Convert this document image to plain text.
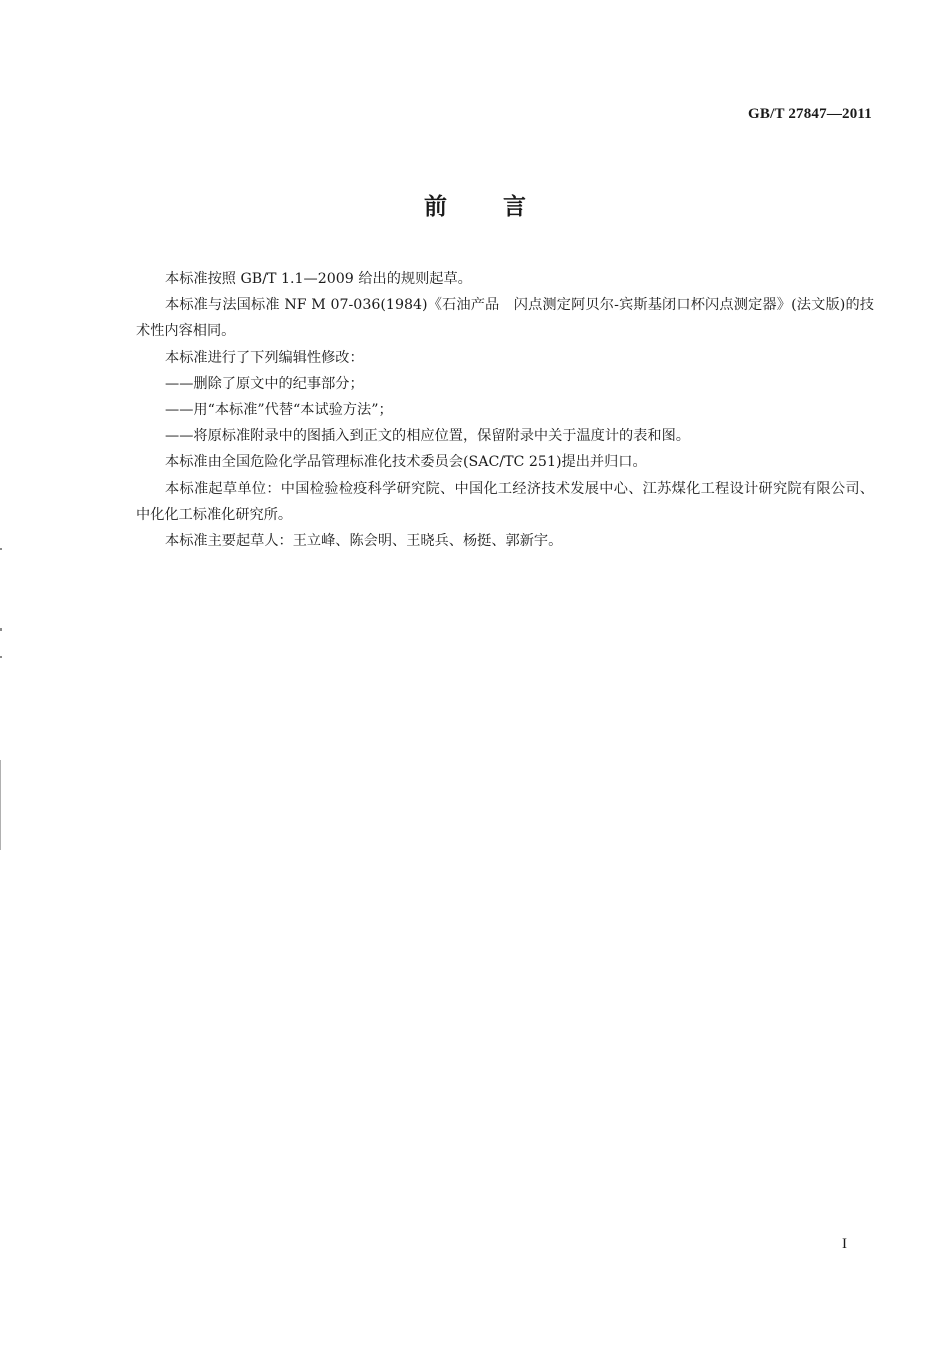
GB/T 27847—2011
前言

本标准按照 GB/T 1.1—2009 给出的规则起草。

本标准与法国标准 NF M 07-036(1984)《石油产品　闪点测定阿贝尔-宾斯基闭口杯闪点测定器》(法文版)的技术性内容相同。

本标准进行了下列编辑性修改：

——删除了原文中的纪事部分；

——用“本标准”代替“本试验方法”；

——将原标准附录中的图插入到正文的相应位置，保留附录中关于温度计的表和图。

本标准由全国危险化学品管理标准化技术委员会(SAC/TC 251)提出并归口。

本标准起草单位：中国检验检疫科学研究院、中国化工经济技术发展中心、江苏煤化工程设计研究院有限公司、中化化工标准化研究所。

本标准主要起草人：王立峰、陈会明、王晓兵、杨挺、郭新宇。

I
